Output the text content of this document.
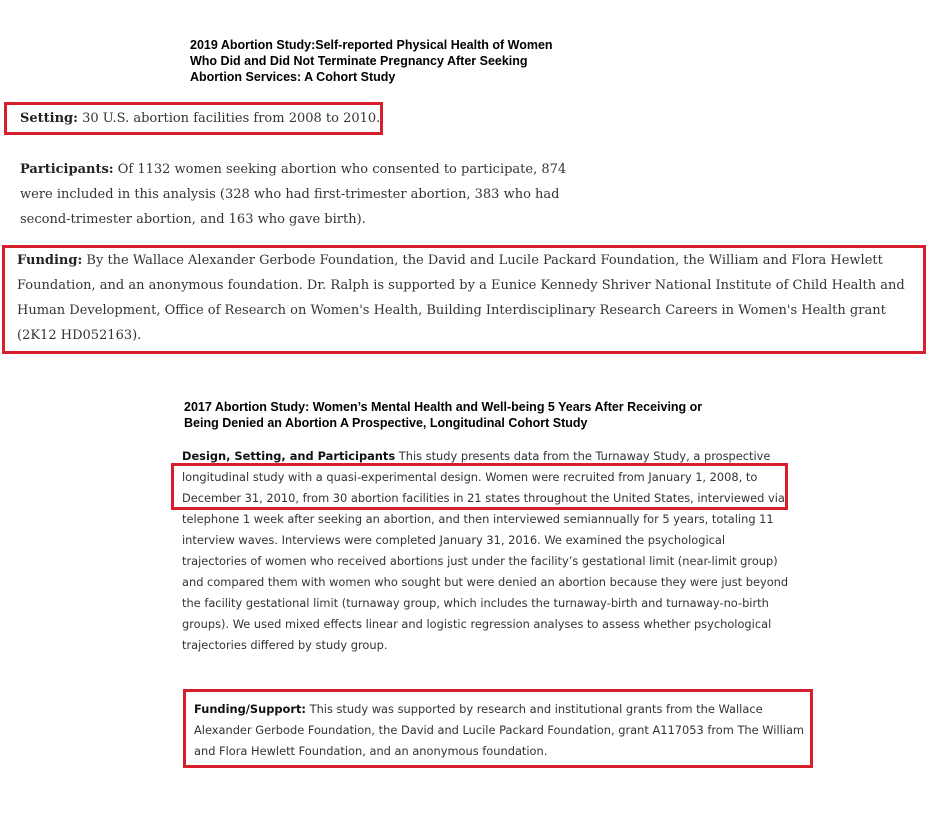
2019 Abortion Study:Self-reported Physical Health of Women
Who Did and Did Not Terminate Pregnancy After Seeking
Abortion Services: A Cohort Study
Setting: 30 U.S. abortion facilities from 2008 to 2010.
Participants: Of 1132 women seeking abortion who consented to participate, 874
were included in this analysis (328 who had first-trimester abortion, 383 who had
second-trimester abortion, and 163 who gave birth).
Funding: By the Wallace Alexander Gerbode Foundation, the David and Lucile Packard Foundation, the William and Flora Hewlett
Foundation, and an anonymous foundation. Dr. Ralph is supported by a Eunice Kennedy Shriver National Institute of Child Health and
Human Development, Office of Research on Women's Health, Building Interdisciplinary Research Careers in Women's Health grant
(2K12 HD052163).
2017 Abortion Study: Women’s Mental Health and Well-being 5 Years After Receiving or
Being Denied an Abortion A Prospective, Longitudinal Cohort Study
Design, Setting, and Participants This study presents data from the Turnaway Study, a prospective
longitudinal study with a quasi-experimental design. Women were recruited from January 1, 2008, to
December 31, 2010, from 30 abortion facilities in 21 states throughout the United States, interviewed via
telephone 1 week after seeking an abortion, and then interviewed semiannually for 5 years, totaling 11
interview waves. Interviews were completed January 31, 2016. We examined the psychological
trajectories of women who received abortions just under the facility’s gestational limit (near-limit group)
and compared them with women who sought but were denied an abortion because they were just beyond
the facility gestational limit (turnaway group, which includes the turnaway-birth and turnaway-no-birth
groups). We used mixed effects linear and logistic regression analyses to assess whether psychological
trajectories differed by study group.
Funding/Support: This study was supported by research and institutional grants from the Wallace
Alexander Gerbode Foundation, the David and Lucile Packard Foundation, grant A117053 from The William
and Flora Hewlett Foundation, and an anonymous foundation.
